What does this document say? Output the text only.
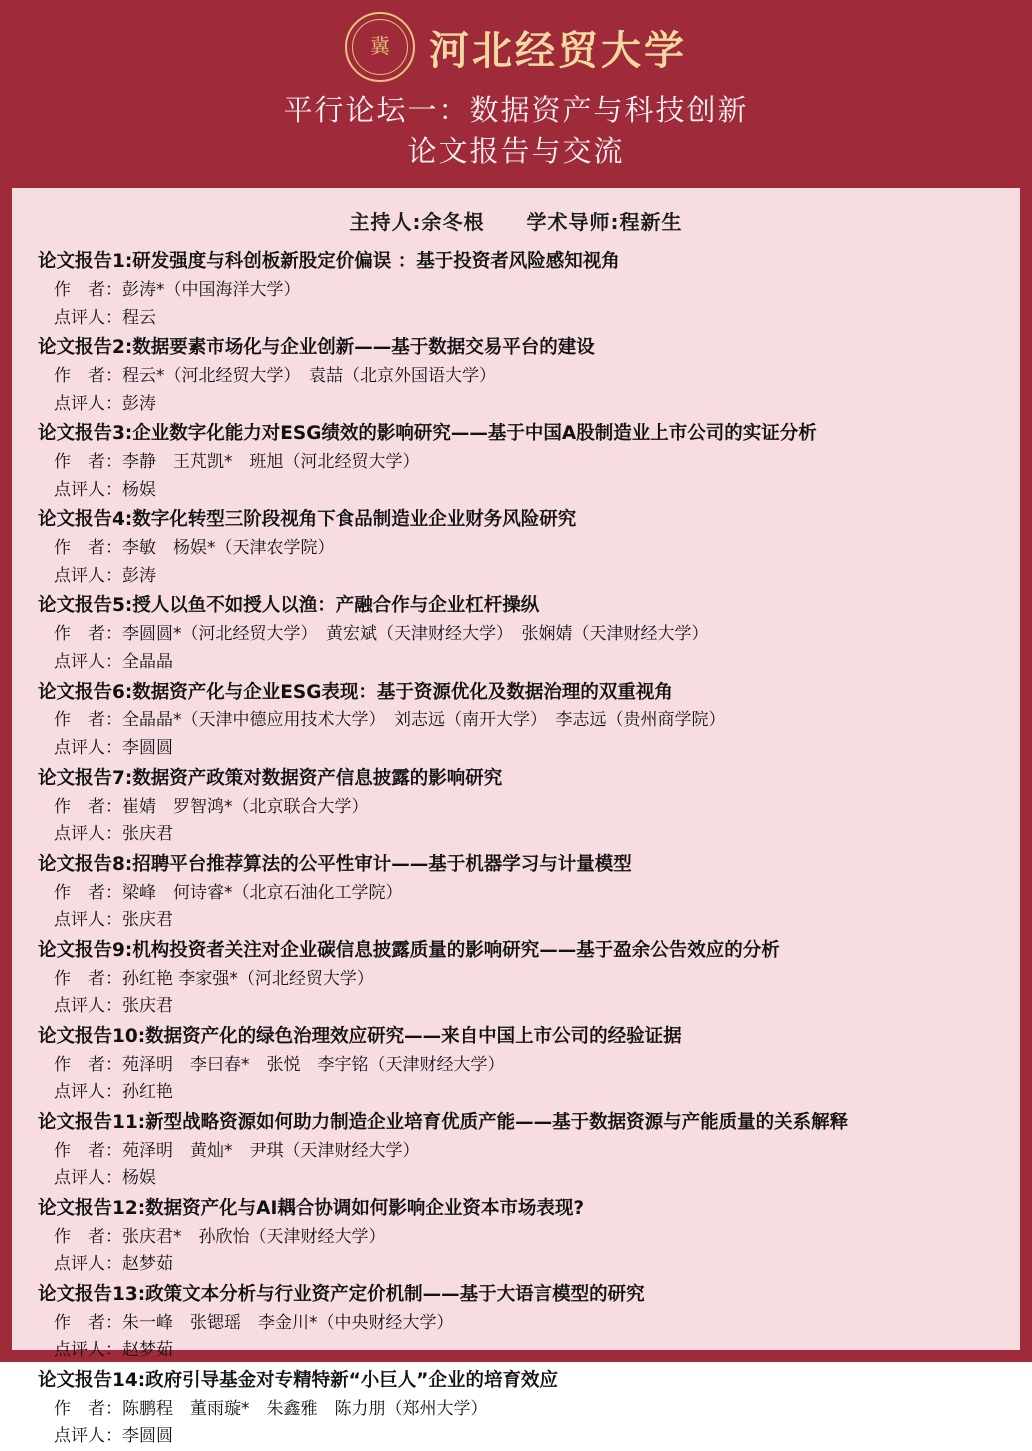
冀 河北经贸大学
平行论坛一：数据资产与科技创新
论文报告与交流
主持人:余冬根 学术导师:程新生
论文报告1:研发强度与科创板新股定价偏误 ：基于投资者风险感知视角
作　者：彭涛*（中国海洋大学）
点评人：程云
论文报告2:数据要素市场化与企业创新——基于数据交易平台的建设
作　者：程云*（河北经贸大学）　袁喆（北京外国语大学）
点评人：彭涛
论文报告3:企业数字化能力对ESG绩效的影响研究——基于中国A股制造业上市公司的实证分析
作　者：李静　王芃凯*　班旭（河北经贸大学）
点评人：杨娱
论文报告4:数字化转型三阶段视角下食品制造业企业财务风险研究
作　者：李敏　杨娱*（天津农学院）
点评人：彭涛
论文报告5:授人以鱼不如授人以渔：产融合作与企业杠杆操纵
作　者：李圆圆*（河北经贸大学）　黄宏斌（天津财经大学）　张娴婧（天津财经大学）
点评人：全晶晶
论文报告6:数据资产化与企业ESG表现：基于资源优化及数据治理的双重视角
作　者：全晶晶*（天津中德应用技术大学）　刘志远（南开大学）　李志远（贵州商学院）
点评人：李圆圆
论文报告7:数据资产政策对数据资产信息披露的影响研究
作　者：崔婧　罗智鸿*（北京联合大学）
点评人：张庆君
论文报告8:招聘平台推荐算法的公平性审计——基于机器学习与计量模型
作　者：梁峰　何诗睿*（北京石油化工学院）
点评人：张庆君
论文报告9:机构投资者关注对企业碳信息披露质量的影响研究——基于盈余公告效应的分析
作　者：孙红艳 李家强*（河北经贸大学）
点评人：张庆君
论文报告10:数据资产化的绿色治理效应研究——来自中国上市公司的经验证据
作　者：苑泽明　李曰春*　张悦　李宇铭（天津财经大学）
点评人：孙红艳
论文报告11:新型战略资源如何助力制造企业培育优质产能——基于数据资源与产能质量的关系解释
作　者：苑泽明　黄灿*　尹琪（天津财经大学）
点评人：杨娱
论文报告12:数据资产化与AI耦合协调如何影响企业资本市场表现?
作　者：张庆君*　孙欣怡（天津财经大学）
点评人：赵梦茹
论文报告13:政策文本分析与行业资产定价机制——基于大语言模型的研究
作　者：朱一峰　张锶瑶　李金川*（中央财经大学）
点评人：赵梦茹
论文报告14:政府引导基金对专精特新“小巨人”企业的培育效应
作　者：陈鹏程　董雨璇*　朱鑫雅　陈力朋（郑州大学）
点评人：李圆圆
